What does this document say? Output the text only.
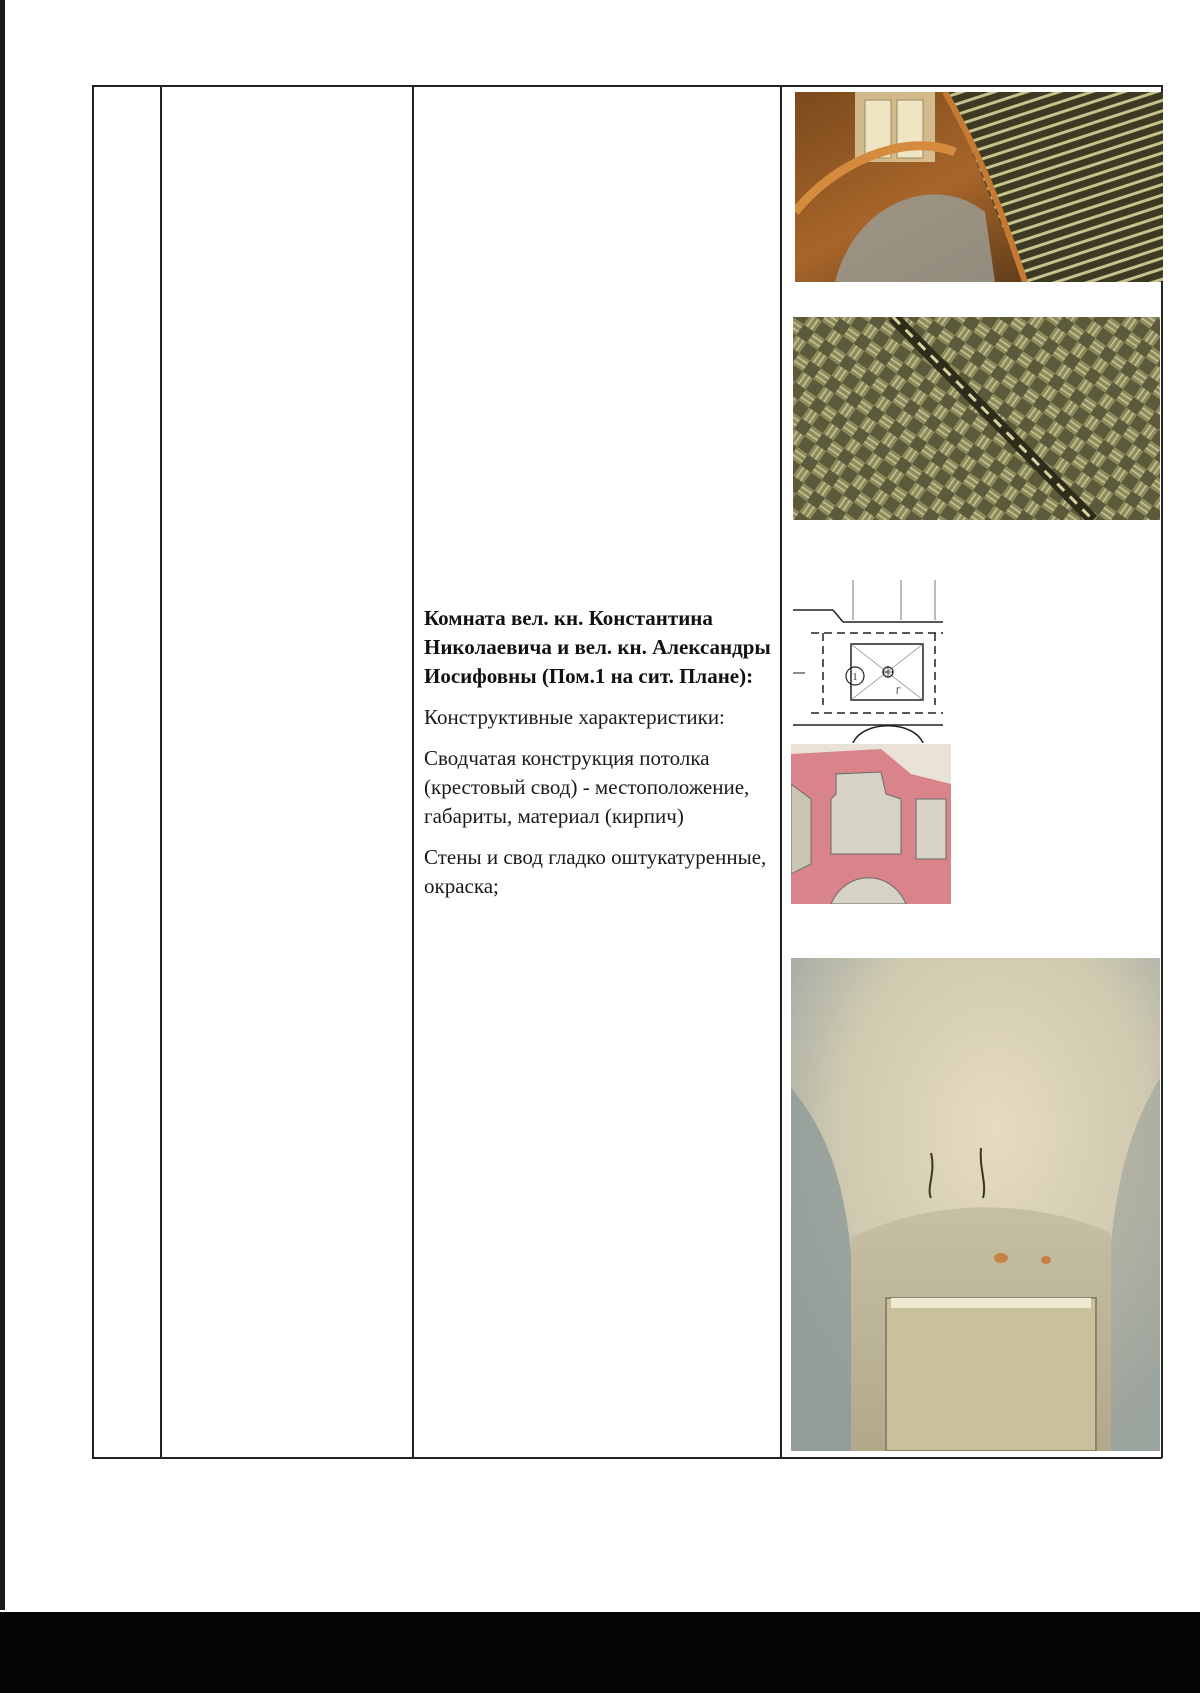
Комната вел. кн. Константина Николаевича и вел. кн. Александры Иосифовны (Пом.1 на сит. Плане):

Конструктивные характеристики:

Сводчатая конструкция потолка (крестовый свод) - местоположение, габариты, материал (кирпич)

Стены и свод гладко оштукатуренные, окраска;

1
Г
